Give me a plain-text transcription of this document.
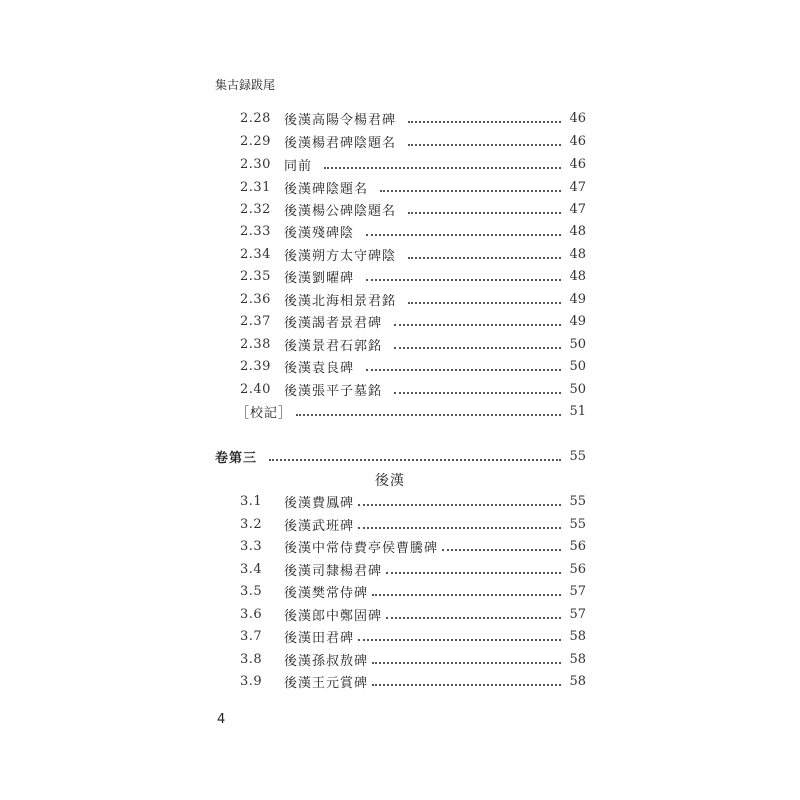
集古録跋尾
2.28	後漢高陽令楊君碑	46
2.29	後漢楊君碑陰題名	46
2.30	同前	46
2.31	後漢碑陰題名	47
2.32	後漢楊公碑陰題名	47
2.33	後漢殘碑陰	48
2.34	後漢朔方太守碑陰	48
2.35	後漢劉曜碑	48
2.36	後漢北海相景君銘	49
2.37	後漢謁者景君碑	49
2.38	後漢景君石郭銘	50
2.39	後漢袁良碑	50
2.40	後漢張平子墓銘	50
［校記］	51
卷第三	55
後漢
3.1	後漢費鳳碑	55
3.2	後漢武班碑	55
3.3	後漢中常侍費亭侯曹騰碑	56
3.4	後漢司隸楊君碑	56
3.5	後漢樊常侍碑	57
3.6	後漢郎中鄭固碑	57
3.7	後漢田君碑	58
3.8	後漢孫叔敖碑	58
3.9	後漢王元賞碑	58
4
